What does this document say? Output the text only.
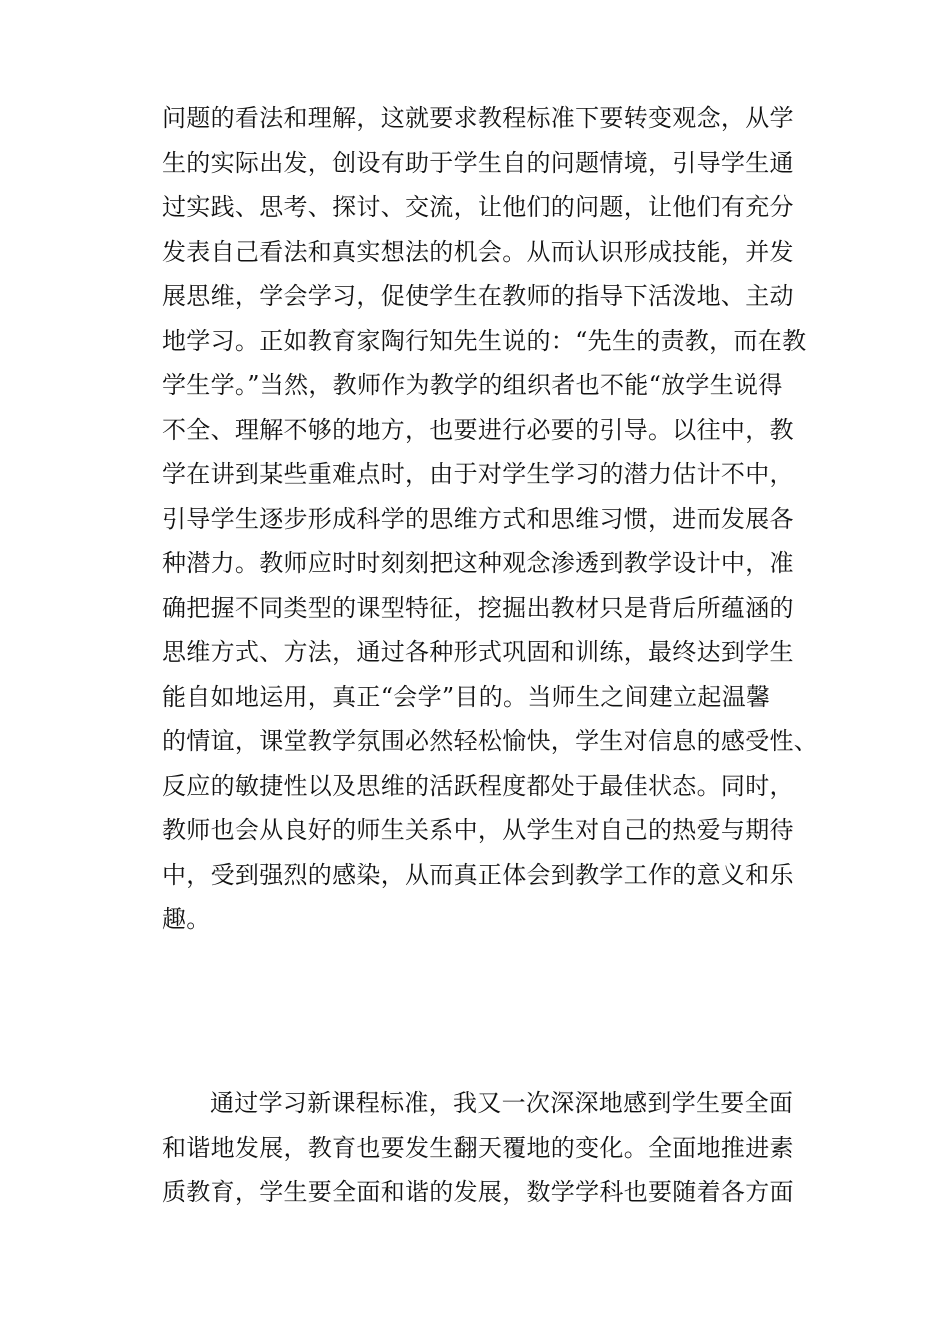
问题的看法和理解，这就要求教程标准下要转变观念，从学
生的实际出发，创设有助于学生自的问题情境，引导学生通
过实践、思考、探讨、交流，让他们的问题，让他们有充分
发表自己看法和真实想法的机会。从而认识形成技能，并发
展思维，学会学习，促使学生在教师的指导下活泼地、主动
地学习。正如教育家陶行知先生说的：“先生的责教，而在教
学生学。”当然，教师作为教学的组织者也不能“放学生说得
不全、理解不够的地方，也要进行必要的引导。以往中，教
学在讲到某些重难点时，由于对学生学习的潜力估计不中，
引导学生逐步形成科学的思维方式和思维习惯，进而发展各
种潜力。教师应时时刻刻把这种观念渗透到教学设计中，准
确把握不同类型的课型特征，挖掘出教材只是背后所蕴涵的
思维方式、方法，通过各种形式巩固和训练，最终达到学生
能自如地运用，真正“会学”目的。当师生之间建立起温馨
的情谊，课堂教学氛围必然轻松愉快，学生对信息的感受性、
反应的敏捷性以及思维的活跃程度都处于最佳状态。同时，
教师也会从良好的师生关系中，从学生对自己的热爱与期待
中，受到强烈的感染，从而真正体会到教学工作的意义和乐
趣。
通过学习新课程标准，我又一次深深地感到学生要全面
和谐地发展，教育也要发生翻天覆地的变化。全面地推进素
质教育，学生要全面和谐的发展，数学学科也要随着各方面
